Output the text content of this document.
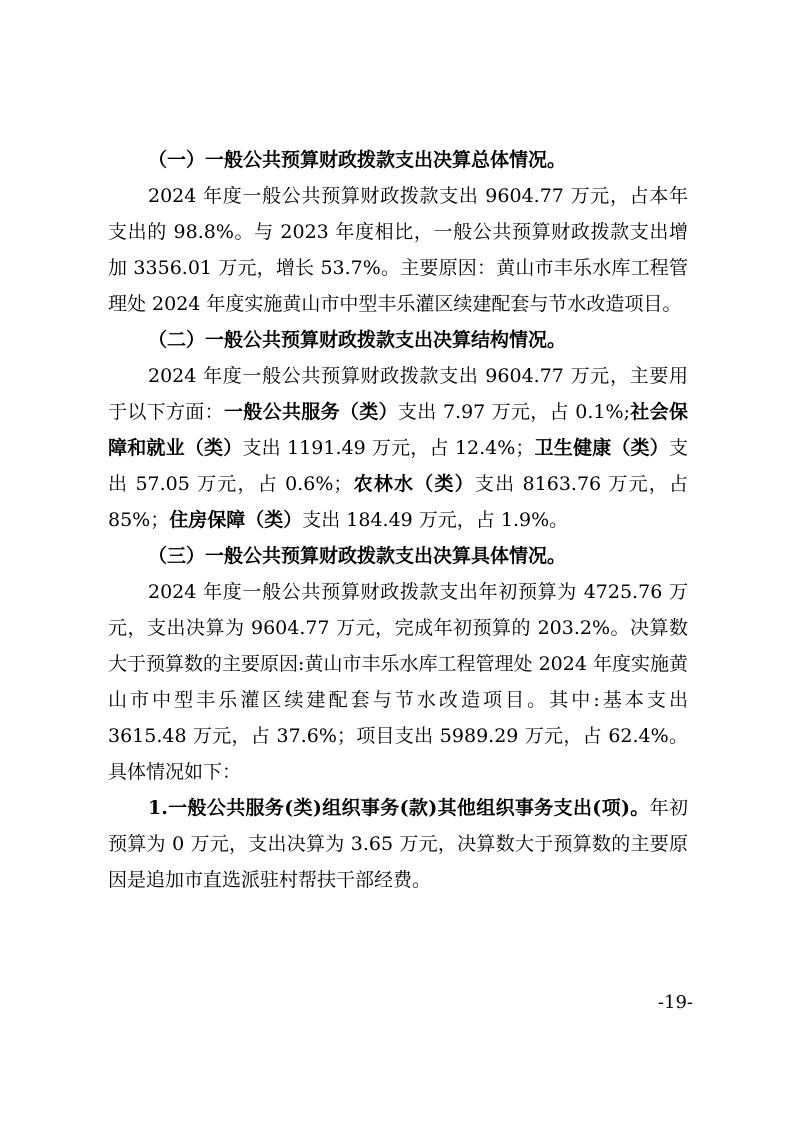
（一）一般公共预算财政拨款支出决算总体情况。

2024 年度一般公共预算财政拨款支出 9604.77 万元，占本年支出的 98.8%。与 2023 年度相比，一般公共预算财政拨款支出增加 3356.01 万元，增长 53.7%。主要原因：黄山市丰乐水库工程管理处 2024 年度实施黄山市中型丰乐灌区续建配套与节水改造项目。

（二）一般公共预算财政拨款支出决算结构情况。

2024 年度一般公共预算财政拨款支出 9604.77 万元，主要用于以下方面：一般公共服务（类）支出 7.97 万元，占 0.1%;社会保障和就业（类）支出 1191.49 万元，占 12.4%；卫生健康（类）支出 57.05 万元，占 0.6%；农林水（类）支出 8163.76 万元，占 85%；住房保障（类）支出 184.49 万元，占 1.9%。

（三）一般公共预算财政拨款支出决算具体情况。

2024 年度一般公共预算财政拨款支出年初预算为 4725.76 万元，支出决算为 9604.77 万元，完成年初预算的 203.2%。决算数大于预算数的主要原因:黄山市丰乐水库工程管理处 2024 年度实施黄山市中型丰乐灌区续建配套与节水改造项目。其中:基本支出 3615.48 万元，占 37.6%；项目支出 5989.29 万元，占 62.4%。具体情况如下：

1.一般公共服务(类)组织事务(款)其他组织事务支出(项)。年初预算为 0 万元，支出决算为 3.65 万元，决算数大于预算数的主要原因是追加市直选派驻村帮扶干部经费。

-19-
